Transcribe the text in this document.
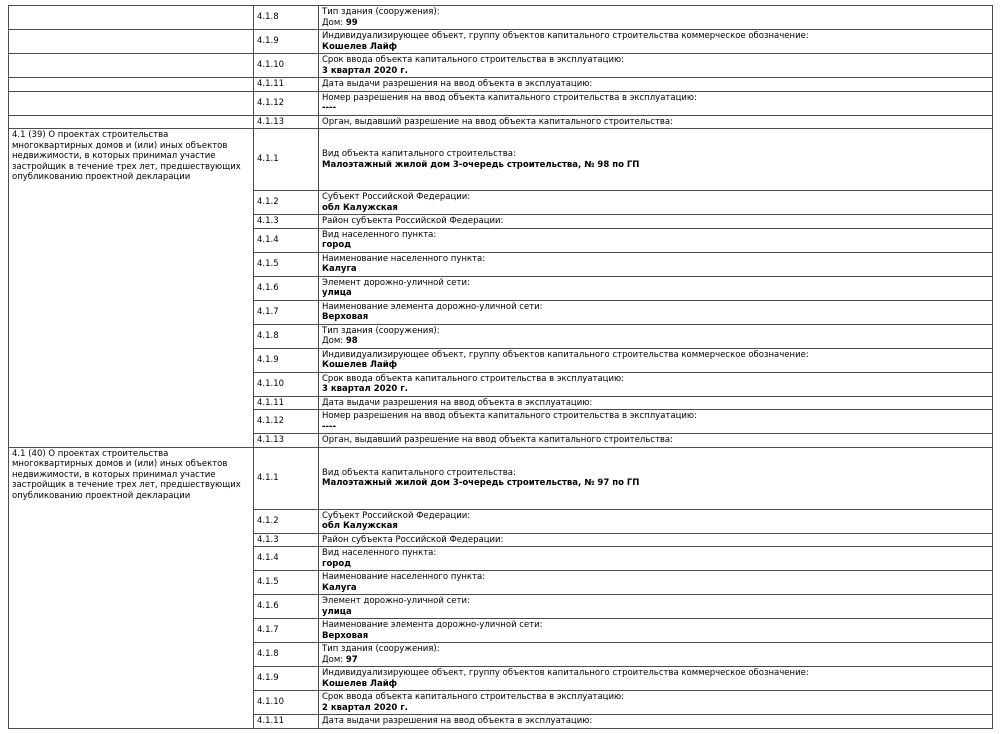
	4.1.8	Тип здания (сооружения):
Дом: 99

	4.1.9	Индивидуализирующее объект, группу объектов капитального строительства коммерческое обозначение:
Кошелев Лайф

	4.1.10	Срок ввода объекта капитального строительства в эксплуатацию:
3 квартал 2020 г.

	4.1.11	Дата выдачи разрешения на ввод объекта в эксплуатацию:

	4.1.12	Номер разрешения на ввод объекта капитального строительства в эксплуатацию:
----

	4.1.13	Орган, выдавший разрешение на ввод объекта капитального строительства:

4.1 (39) О проектах строительства многоквартирных домов и (или) иных объектов недвижимости, в которых принимал участие застройщик в течение трех лет, предшествующих опубликованию проектной декларации	4.1.1	Вид объекта капитального строительства:
Малоэтажный жилой дом 3-очередь строительства, № 98 по ГП

	4.1.2	Субъект Российской Федерации:
обл Калужская

	4.1.3	Район субъекта Российской Федерации:

	4.1.4	Вид населенного пункта:
город

	4.1.5	Наименование населенного пункта:
Калуга

	4.1.6	Элемент дорожно-уличной сети:
улица

	4.1.7	Наименование элемента дорожно-уличной сети:
Верховая

	4.1.8	Тип здания (сооружения):
Дом: 98

	4.1.9	Индивидуализирующее объект, группу объектов капитального строительства коммерческое обозначение:
Кошелев Лайф

	4.1.10	Срок ввода объекта капитального строительства в эксплуатацию:
3 квартал 2020 г.

	4.1.11	Дата выдачи разрешения на ввод объекта в эксплуатацию:

	4.1.12	Номер разрешения на ввод объекта капитального строительства в эксплуатацию:
----

	4.1.13	Орган, выдавший разрешение на ввод объекта капитального строительства:

4.1 (40) О проектах строительства многоквартирных домов и (или) иных объектов недвижимости, в которых принимал участие застройщик в течение трех лет, предшествующих опубликованию проектной декларации	4.1.1	Вид объекта капитального строительства:
Малоэтажный жилой дом 3-очередь строительства, № 97 по ГП

	4.1.2	Субъект Российской Федерации:
обл Калужская

	4.1.3	Район субъекта Российской Федерации:

	4.1.4	Вид населенного пункта:
город

	4.1.5	Наименование населенного пункта:
Калуга

	4.1.6	Элемент дорожно-уличной сети:
улица

	4.1.7	Наименование элемента дорожно-уличной сети:
Верховая

	4.1.8	Тип здания (сооружения):
Дом: 97

	4.1.9	Индивидуализирующее объект, группу объектов капитального строительства коммерческое обозначение:
Кошелев Лайф

	4.1.10	Срок ввода объекта капитального строительства в эксплуатацию:
2 квартал 2020 г.

	4.1.11	Дата выдачи разрешения на ввод объекта в эксплуатацию:
